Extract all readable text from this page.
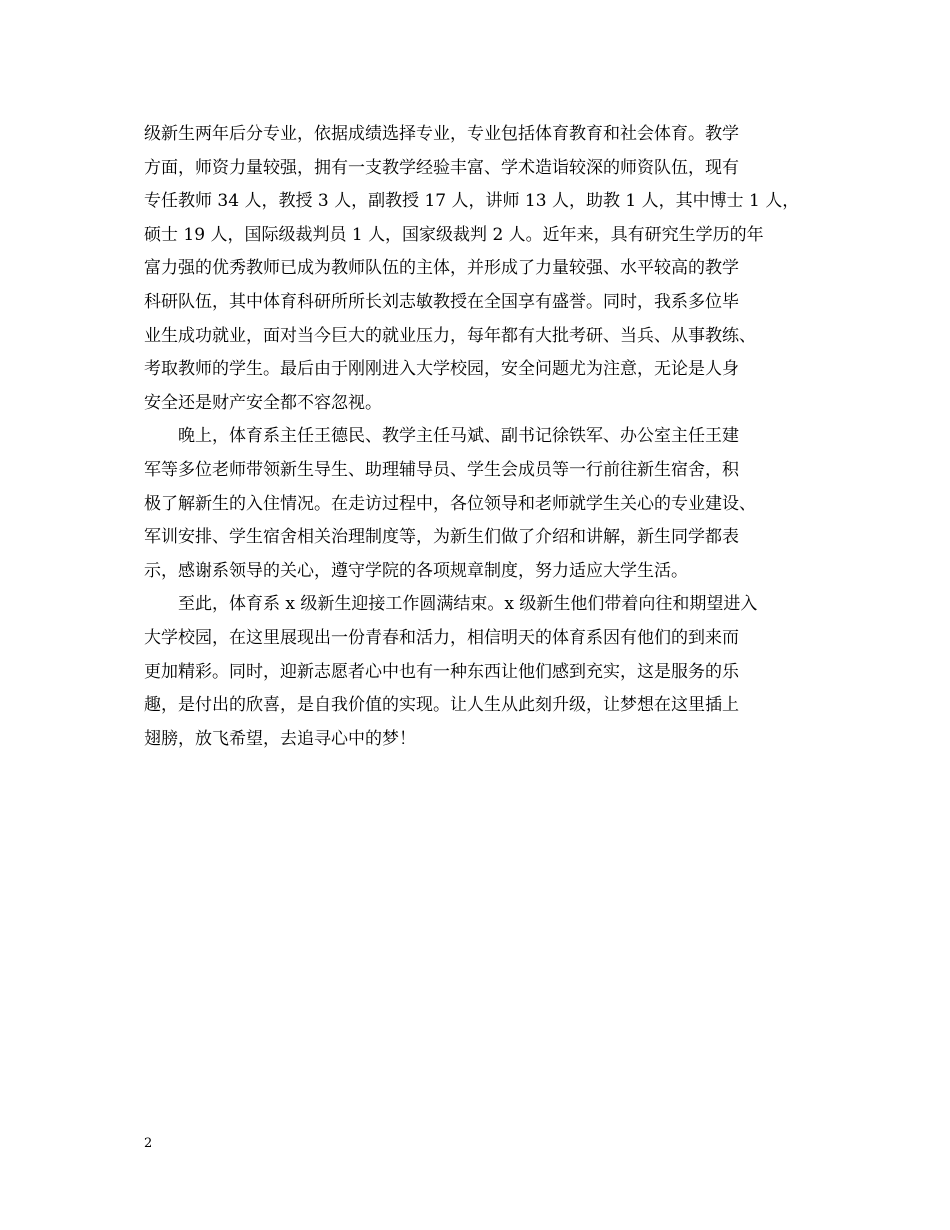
级新生两年后分专业，依据成绩选择专业，专业包括体育教育和社会体育。教学
方面，师资力量较强，拥有一支教学经验丰富、学术造诣较深的师资队伍，现有
专任教师 34 人，教授 3 人，副教授 17 人，讲师 13 人，助教 1 人，其中博士 1 人，
硕士 19 人，国际级裁判员 1 人，国家级裁判 2 人。近年来，具有研究生学历的年
富力强的优秀教师已成为教师队伍的主体，并形成了力量较强、水平较高的教学
科研队伍，其中体育科研所所长刘志敏教授在全国享有盛誉。同时，我系多位毕
业生成功就业，面对当今巨大的就业压力，每年都有大批考研、当兵、从事教练、
考取教师的学生。最后由于刚刚进入大学校园，安全问题尤为注意，无论是人身
安全还是财产安全都不容忽视。
晚上，体育系主任王德民、教学主任马斌、副书记徐铁军、办公室主任王建
军等多位老师带领新生导生、助理辅导员、学生会成员等一行前往新生宿舍，积
极了解新生的入住情况。在走访过程中，各位领导和老师就学生关心的专业建设、
军训安排、学生宿舍相关治理制度等，为新生们做了介绍和讲解，新生同学都表
示，感谢系领导的关心，遵守学院的各项规章制度，努力适应大学生活。
至此，体育系 x 级新生迎接工作圆满结束。x 级新生他们带着向往和期望进入
大学校园，在这里展现出一份青春和活力，相信明天的体育系因有他们的到来而
更加精彩。同时，迎新志愿者心中也有一种东西让他们感到充实，这是服务的乐
趣，是付出的欣喜，是自我价值的实现。让人生从此刻升级，让梦想在这里插上
翅膀，放飞希望，去追寻心中的梦！
2
